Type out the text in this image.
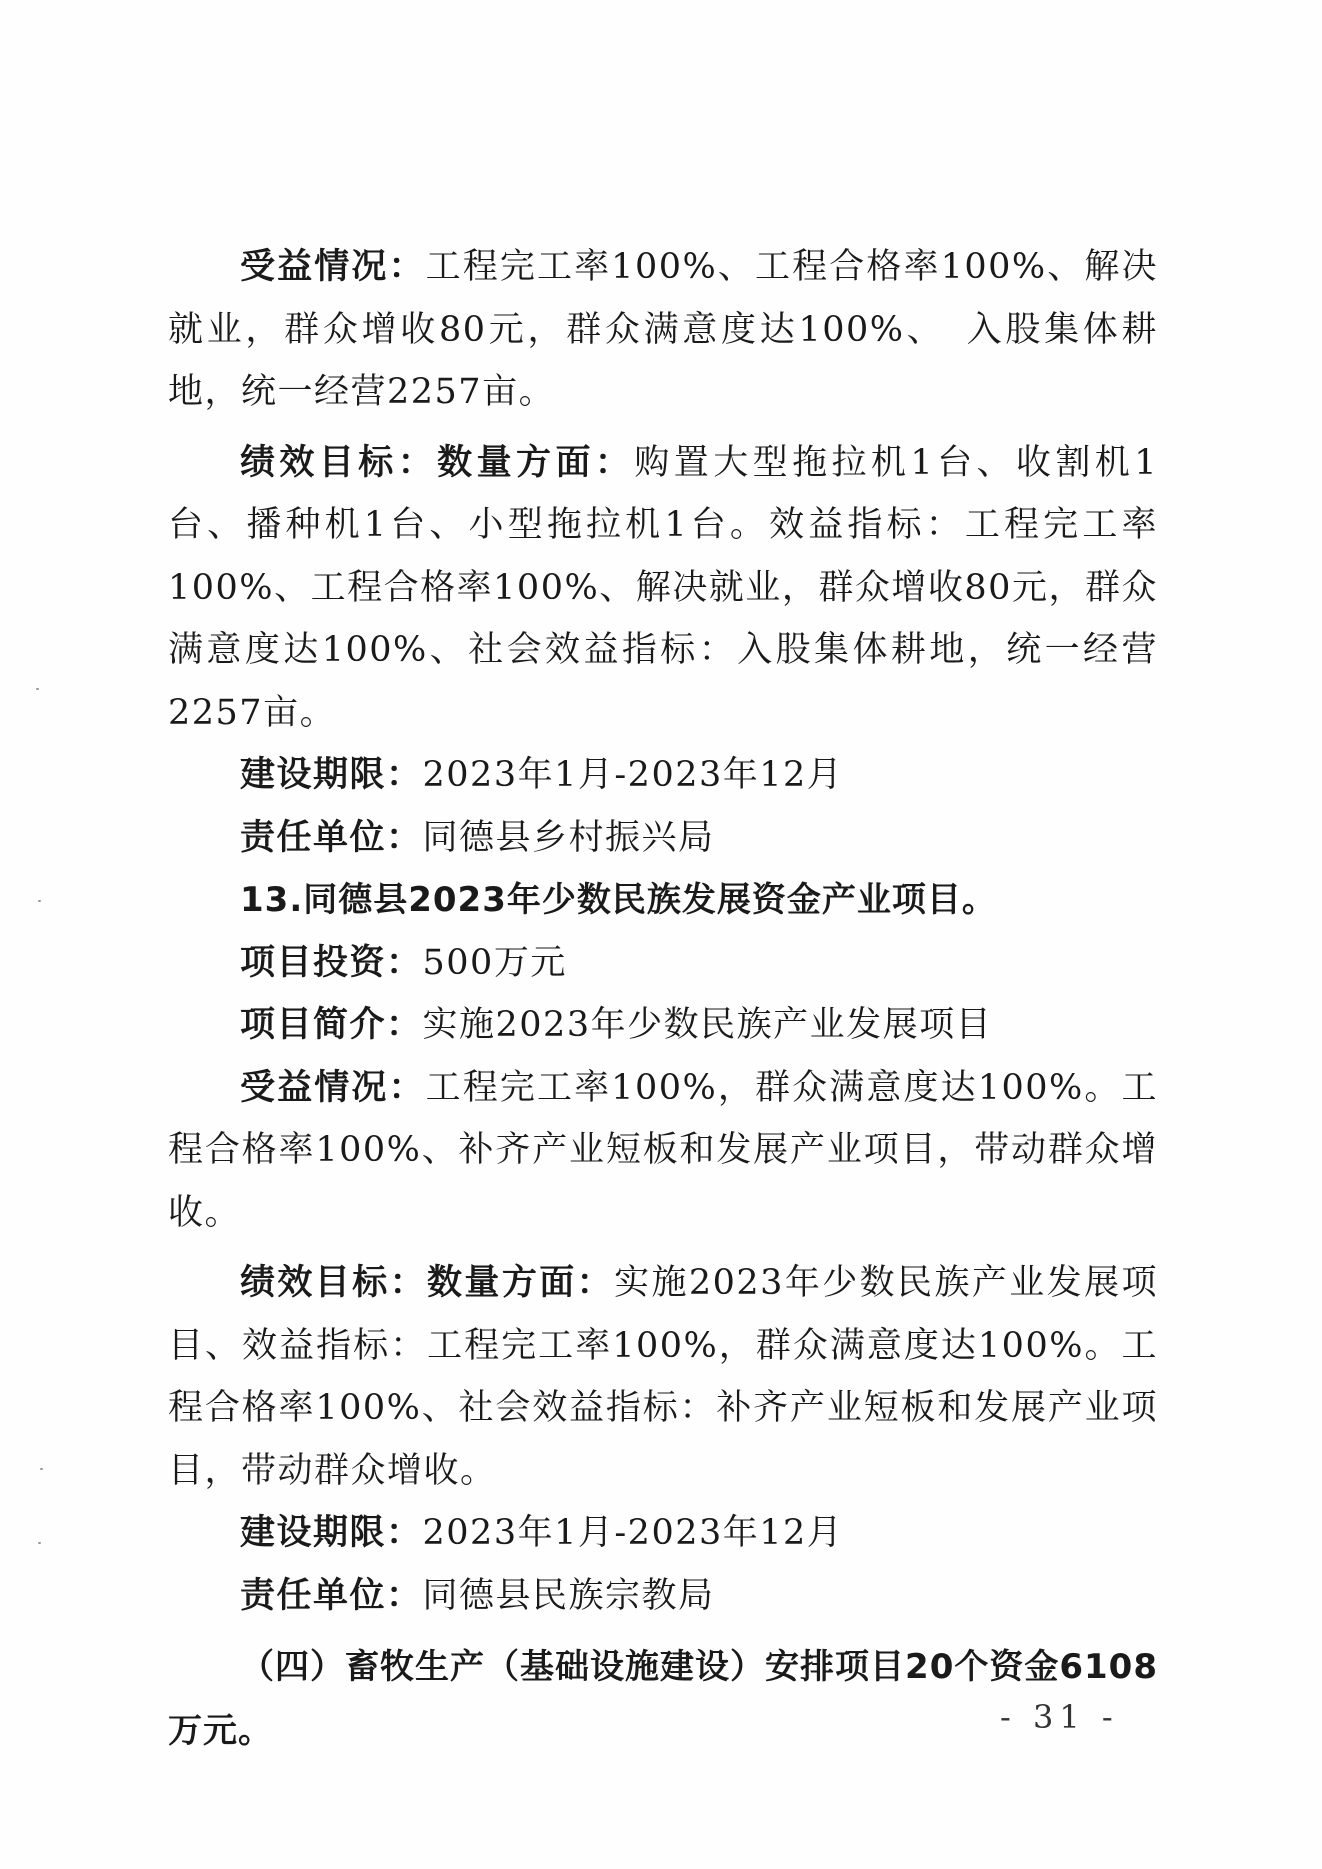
受益情况：工程完工率100%、工程合格率100%、解决就业，群众增收80元，群众满意度达100%、　入股集体耕地，统一经营2257亩。

绩效目标：数量方面：购置大型拖拉机1台、收割机1台、播种机1台、小型拖拉机1台。效益指标：工程完工率100%、工程合格率100%、解决就业，群众增收80元，群众满意度达100%、社会效益指标：入股集体耕地，统一经营2257亩。

建设期限：2023年1月-2023年12月

责任单位：同德县乡村振兴局

13.同德县2023年少数民族发展资金产业项目。

项目投资：500万元

项目简介：实施2023年少数民族产业发展项目

受益情况：工程完工率100%，群众满意度达100%。工程合格率100%、补齐产业短板和发展产业项目，带动群众增收。

绩效目标：数量方面：实施2023年少数民族产业发展项目、效益指标：工程完工率100%，群众满意度达100%。工程合格率100%、社会效益指标：补齐产业短板和发展产业项目，带动群众增收。

建设期限：2023年1月-2023年12月

责任单位：同德县民族宗教局

（四）畜牧生产（基础设施建设）安排项目20个资金6108万元。	- 31 -
